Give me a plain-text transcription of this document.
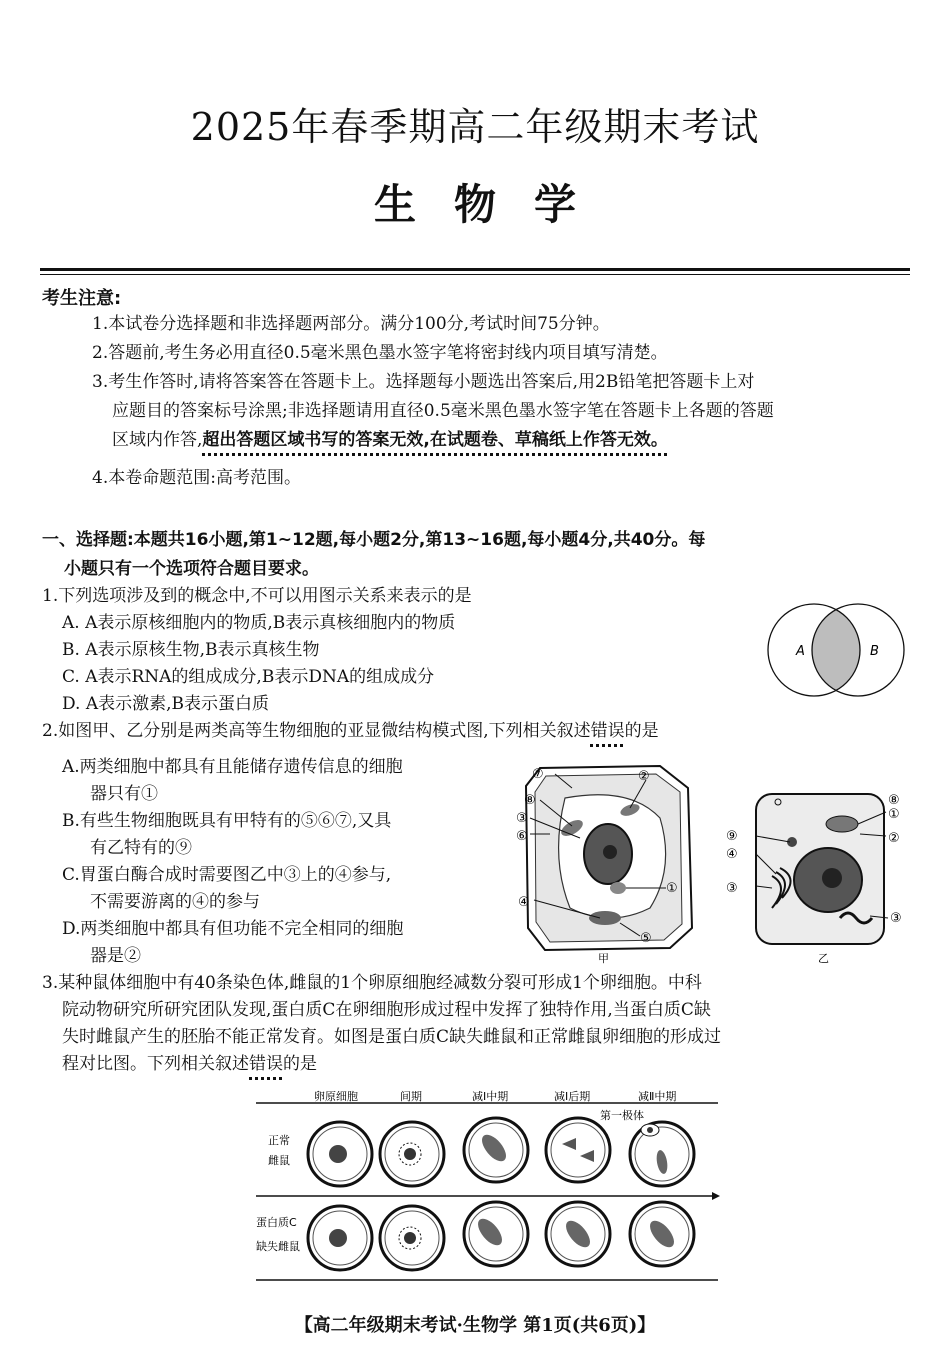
2025年春季期高二年级期末考试
生物学
考生注意:
1.本试卷分选择题和非选择题两部分。满分100分,考试时间75分钟。
2.答题前,考生务必用直径0.5毫米黑色墨水签字笔将密封线内项目填写清楚。
3.考生作答时,请将答案答在答题卡上。选择题每小题选出答案后,用2B铅笔把答题卡上对
应题目的答案标号涂黑;非选择题请用直径0.5毫米黑色墨水签字笔在答题卡上各题的答题
区域内作答,超出答题区域书写的答案无效,在试题卷、草稿纸上作答无效。
4.本卷命题范围:高考范围。
一、选择题:本题共16小题,第1~12题,每小题2分,第13~16题,每小题4分,共40分。每
小题只有一个选项符合题目要求。
1.下列选项涉及到的概念中,不可以用图示关系来表示的是
A. A表示原核细胞内的物质,B表示真核细胞内的物质
B. A表示原核生物,B表示真核生物
C. A表示RNA的组成成分,B表示DNA的组成成分
D. A表示激素,B表示蛋白质
A	B
2.如图甲、乙分别是两类高等生物细胞的亚显微结构模式图,下列相关叙述错误的是
A.两类细胞中都具有且能储存遗传信息的细胞
器只有①
B.有些生物细胞既具有甲特有的⑤⑥⑦,又具
有乙特有的⑨
C.胃蛋白酶合成时需要图乙中③上的④参与,
不需要游离的④的参与
D.两类细胞中都具有但功能不完全相同的细胞
器是②
⑦	②
⑧
③
⑥
①
④
⑤
甲
⑧
①
②
⑨
④
③
③
乙
3.某种鼠体细胞中有40条染色体,雌鼠的1个卵原细胞经减数分裂可形成1个卵细胞。中科
院动物研究所研究团队发现,蛋白质C在卵细胞形成过程中发挥了独特作用,当蛋白质C缺
失时雌鼠产生的胚胎不能正常发育。如图是蛋白质C缺失雌鼠和正常雌鼠卵细胞的形成过
程对比图。下列相关叙述错误的是
卵原细胞	间期	减Ⅰ中期	减Ⅰ后期	减Ⅱ中期
第一极体
正常
雌鼠
蛋白质C
缺失雌鼠
【高二年级期末考试·生物学 第1页(共6页)】
